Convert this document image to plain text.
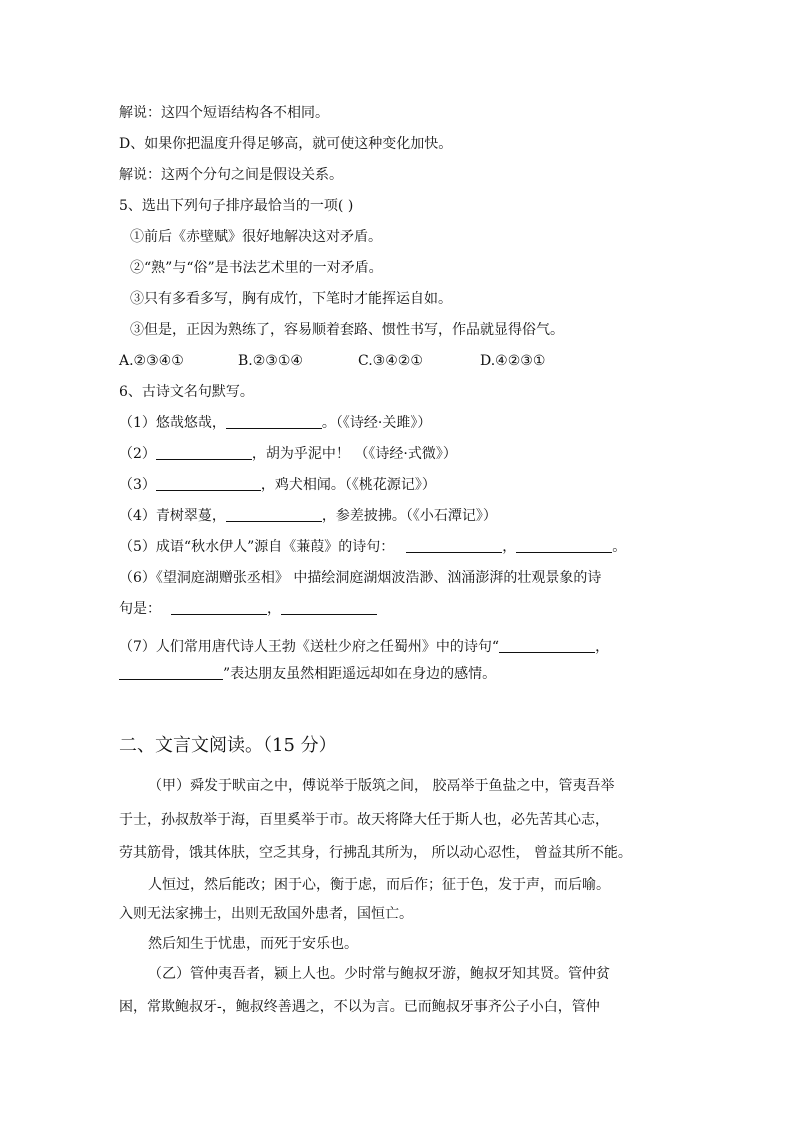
解说：这四个短语结构各不相同。
D、如果你把温度升得足够高，就可使这种变化加快。
解说：这两个分句之间是假设关系。
5、选出下列句子排序最恰当的一项( )
①前后《赤壁赋》很好地解决这对矛盾。
②“熟”与“俗”是书法艺术里的一对矛盾。
③只有多看多写，胸有成竹，下笔时才能挥运自如。
③但是，正因为熟练了，容易顺着套路、惯性书写，作品就显得俗气。
A.②③④①	B.②③①④	C.③④②①	D.④②③①
6、古诗文名句默写。
（1）悠哉悠哉，	。（《诗经·关雎》）
（2）	，胡为乎泥中！ （《诗经·式微》）
（3）	，鸡犬相闻。（《桃花源记》）
（4）青树翠蔓，	，参差披拂。（《小石潭记》）
（5）成语“秋水伊人”源自《蒹葭》的诗句：	，	。
（6）《望洞庭湖赠张丞相》 中描绘洞庭湖烟波浩渺、汹涌澎湃的壮观景象的诗
句是：	，
（7）人们常用唐代诗人王勃《送杜少府之任蜀州》中的诗句“	，
”表达朋友虽然相距遥远却如在身边的感情。
二、文言文阅读。（15 分）
（甲）舜发于畎亩之中，傅说举于版筑之间， 胶鬲举于鱼盐之中，管夷吾举
于士，孙叔敖举于海，百里奚举于市。故天将降大任于斯人也，必先苦其心志，
劳其筋骨，饿其体肤，空乏其身，行拂乱其所为， 所以动心忍性， 曾益其所不能。
人恒过，然后能改；困于心，衡于虑，而后作；征于色，发于声，而后喻。
入则无法家拂士，出则无敌国外患者，国恒亡。
然后知生于忧患，而死于安乐也。
（乙）管仲夷吾者，颍上人也。少时常与鲍叔牙游，鲍叔牙知其贤。管仲贫
困，常欺鲍叔牙-，鲍叔终善遇之，不以为言。已而鲍叔牙事齐公子小白，管仲
